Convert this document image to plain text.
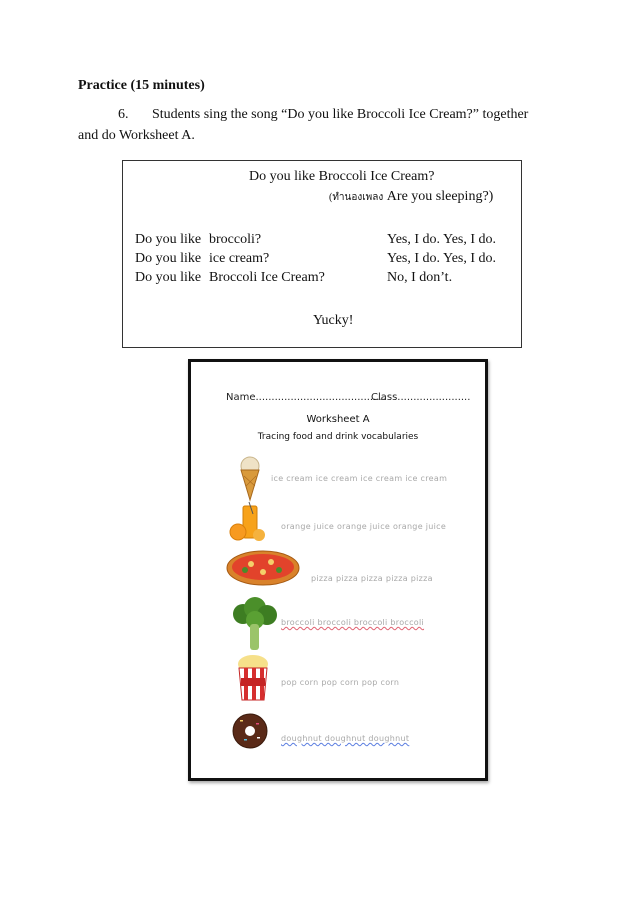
Practice (15 minutes)
6. Students sing the song “Do you like Broccoli Ice Cream?” together
and do Worksheet A.
Do you like Broccoli Ice Cream?
(ทำนองเพลง Are you sleeping?)
Do you like broccoli?	Yes, I do. Yes, I do.
Do you like ice cream?	Yes, I do. Yes, I do.
Do you like Broccoli Ice Cream?	No, I don’t.
Yucky!
Name.........................................
Class.......................
Worksheet A
Tracing food and drink vocabularies
ice cream ice cream ice cream ice cream
orange juice orange juice orange juice
pizza pizza pizza pizza pizza
broccoli broccoli broccoli broccoli
pop corn pop corn pop corn
doughnut doughnut doughnut
